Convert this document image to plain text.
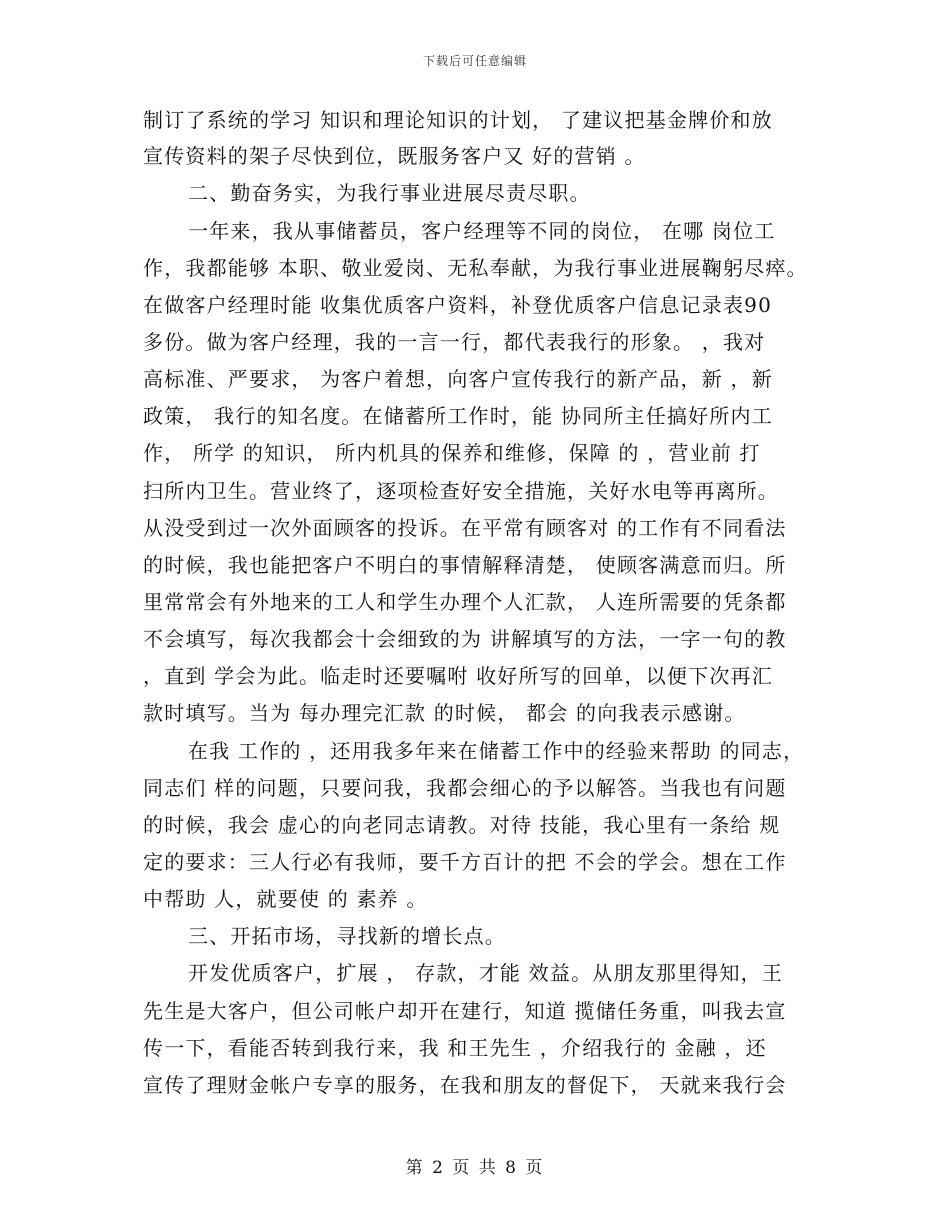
下载后可任意编辑
制订了系统的学习 知识和理论知识的计划， 了建议把基金牌价和放
宣传资料的架子尽快到位，既服务客户又 好的营销 。
二、勤奋务实，为我行事业进展尽责尽职。
一年来，我从事储蓄员，客户经理等不同的岗位， 在哪 岗位工
作，我都能够 本职、敬业爱岗、无私奉献，为我行事业进展鞠躬尽瘁。
在做客户经理时能 收集优质客户资料，补登优质客户信息记录表90
多份。做为客户经理，我的一言一行，都代表我行的形象。 ，我对
高标准、严要求， 为客户着想，向客户宣传我行的新产品，新 ，新
政策， 我行的知名度。在储蓄所工作时，能 协同所主任搞好所内工
作， 所学 的知识， 所内机具的保养和维修，保障 的 ，营业前 打
扫所内卫生。营业终了，逐项检查好安全措施，关好水电等再离所。
从没受到过一次外面顾客的投诉。在平常有顾客对 的工作有不同看法
的时候，我也能把客户不明白的事情解释清楚， 使顾客满意而归。所
里常常会有外地来的工人和学生办理个人汇款， 人连所需要的凭条都
不会填写，每次我都会十会细致的为 讲解填写的方法，一字一句的教
，直到 学会为此。临走时还要嘱咐 收好所写的回单，以便下次再汇
款时填写。当为 每办理完汇款 的时候， 都会 的向我表示感谢。
在我 工作的 ，还用我多年来在储蓄工作中的经验来帮助 的同志，
同志们 样的问题，只要问我，我都会细心的予以解答。当我也有问题
的时候，我会 虚心的向老同志请教。对待 技能，我心里有一条给 规
定的要求：三人行必有我师，要千方百计的把 不会的学会。想在工作
中帮助 人，就要使 的 素养 。
三、开拓市场，寻找新的增长点。
开发优质客户，扩展 ， 存款，才能 效益。从朋友那里得知，王
先生是大客户，但公司帐户却开在建行，知道 揽储任务重，叫我去宣
传一下，看能否转到我行来，我 和王先生 ，介绍我行的 金融 ，还
宣传了理财金帐户专享的服务，在我和朋友的督促下， 天就来我行会
第 2 页 共 8 页
